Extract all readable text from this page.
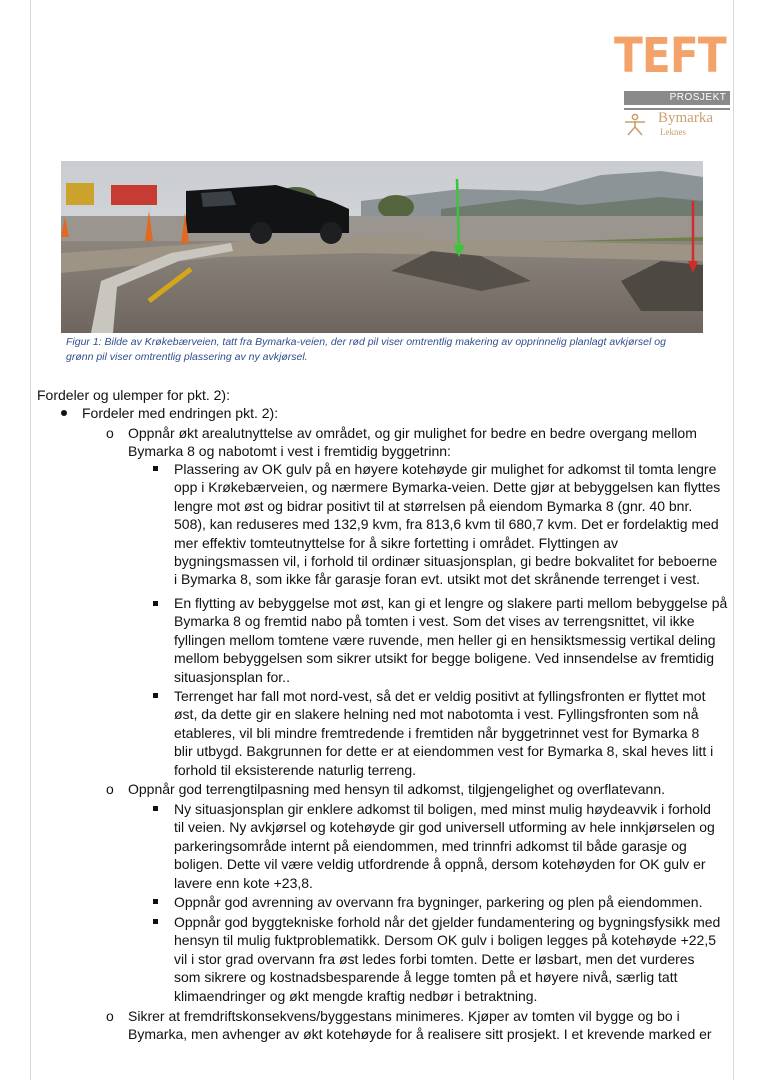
TEFT
PROSJEKT
Bymarka
Leknes
Figur 1: Bilde av Krøkebærveien, tatt fra Bymarka-veien, der rød pil viser omtrentlig makering av opprinnelig planlagt avkjørsel og
grønn pil viser omtrentlig plassering av ny avkjørsel.
Fordeler og ulemper for pkt. 2):
Fordeler med endringen pkt. 2):
o Oppnår økt arealutnyttelse av området, og gir mulighet for bedre en bedre overgang mellom
Bymarka 8 og nabotomt i vest i fremtidig byggetrinn:
Plassering av OK gulv på en høyere kotehøyde gir mulighet for adkomst til tomta lengre
opp i Krøkebærveien, og nærmere Bymarka-veien. Dette gjør at bebyggelsen kan flyttes
lengre mot øst og bidrar positivt til at størrelsen på eiendom Bymarka 8 (gnr. 40 bnr.
508), kan reduseres med 132,9 kvm, fra 813,6 kvm til 680,7 kvm. Det er fordelaktig med
mer effektiv tomteutnyttelse for å sikre fortetting i området. Flyttingen av
bygningsmassen vil, i forhold til ordinær situasjonsplan, gi bedre bokvalitet for beboerne
i Bymarka 8, som ikke får garasje foran evt. utsikt mot det skrånende terrenget i vest.
En flytting av bebyggelse mot øst, kan gi et lengre og slakere parti mellom bebyggelse på
Bymarka 8 og fremtid nabo på tomten i vest. Som det vises av terrengsnittet, vil ikke
fyllingen mellom tomtene være ruvende, men heller gi en hensiktsmessig vertikal deling
mellom bebyggelsen som sikrer utsikt for begge boligene. Ved innsendelse av fremtidig
situasjonsplan for..
Terrenget har fall mot nord-vest, så det er veldig positivt at fyllingsfronten er flyttet mot
øst, da dette gir en slakere helning ned mot nabotomta i vest. Fyllingsfronten som nå
etableres, vil bli mindre fremtredende i fremtiden når byggetrinnet vest for Bymarka 8
blir utbygd. Bakgrunnen for dette er at eiendommen vest for Bymarka 8, skal heves litt i
forhold til eksisterende naturlig terreng.
o Oppnår god terrengtilpasning med hensyn til adkomst, tilgjengelighet og overflatevann.
Ny situasjonsplan gir enklere adkomst til boligen, med minst mulig høydeavvik i forhold
til veien. Ny avkjørsel og kotehøyde gir god universell utforming av hele innkjørselen og
parkeringsområde internt på eiendommen, med trinnfri adkomst til både garasje og
boligen. Dette vil være veldig utfordrende å oppnå, dersom kotehøyden for OK gulv er
lavere enn kote +23,8.
Oppnår god avrenning av overvann fra bygninger, parkering og plen på eiendommen.
Oppnår god byggtekniske forhold når det gjelder fundamentering og bygningsfysikk med
hensyn til mulig fuktproblematikk. Dersom OK gulv i boligen legges på kotehøyde +22,5
vil i stor grad overvann fra øst ledes forbi tomten. Dette er løsbart, men det vurderes
som sikrere og kostnadsbesparende å legge tomten på et høyere nivå, særlig tatt
klimaendringer og økt mengde kraftig nedbør i betraktning.
o Sikrer at fremdriftskonsekvens/byggestans minimeres. Kjøper av tomten vil bygge og bo i
Bymarka, men avhenger av økt kotehøyde for å realisere sitt prosjekt. I et krevende marked er
